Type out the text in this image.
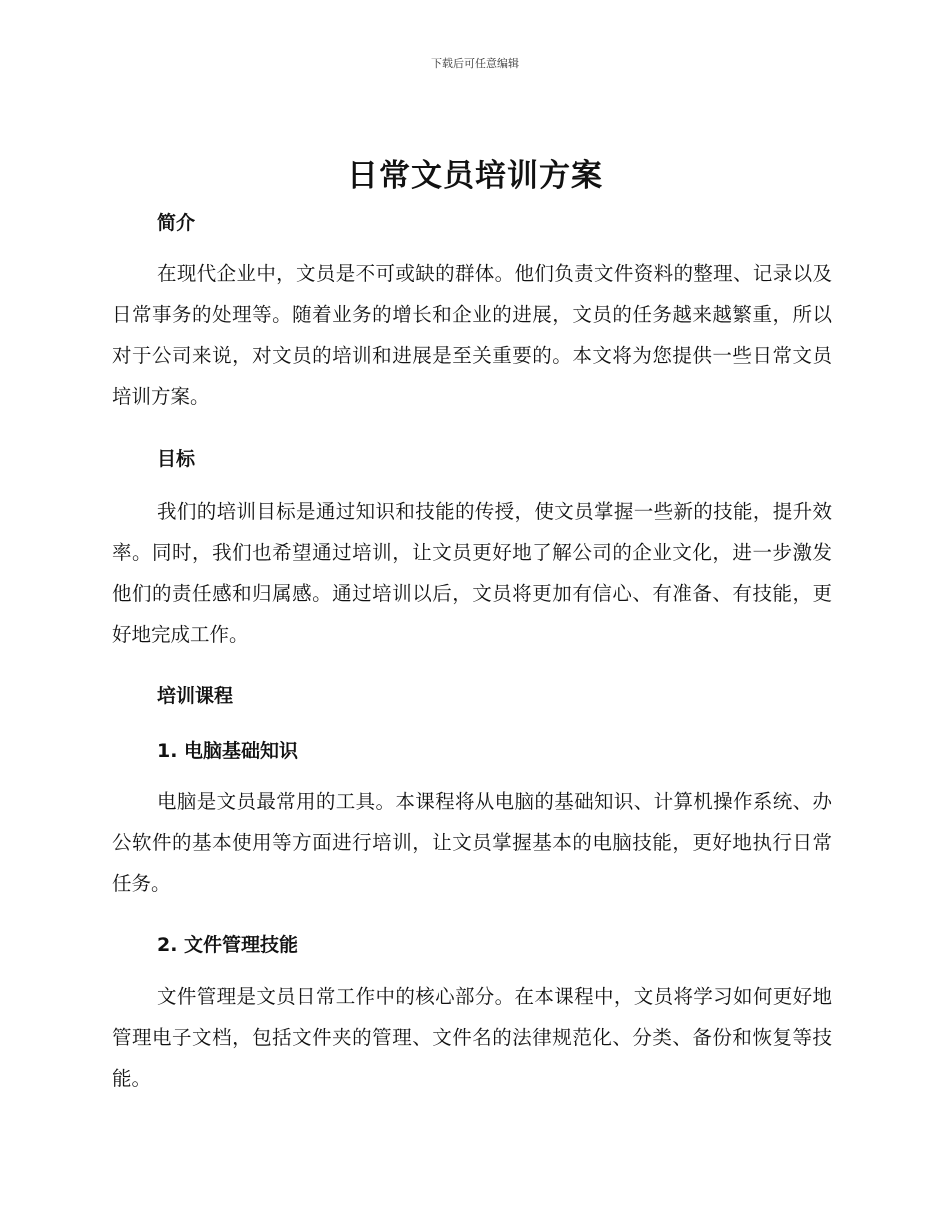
下载后可任意编辑
日常文员培训方案
简介
在现代企业中，文员是不可或缺的群体。他们负责文件资料的整理、记录以及日常事务的处理等。随着业务的增长和企业的进展，文员的任务越来越繁重，所以对于公司来说，对文员的培训和进展是至关重要的。本文将为您提供一些日常文员培训方案。
目标
我们的培训目标是通过知识和技能的传授，使文员掌握一些新的技能，提升效率。同时，我们也希望通过培训，让文员更好地了解公司的企业文化，进一步激发他们的责任感和归属感。通过培训以后，文员将更加有信心、有准备、有技能，更好地完成工作。
培训课程
1. 电脑基础知识
电脑是文员最常用的工具。本课程将从电脑的基础知识、计算机操作系统、办公软件的基本使用等方面进行培训，让文员掌握基本的电脑技能，更好地执行日常任务。
2. 文件管理技能
文件管理是文员日常工作中的核心部分。在本课程中，文员将学习如何更好地管理电子文档，包括文件夹的管理、文件名的法律规范化、分类、备份和恢复等技能。
